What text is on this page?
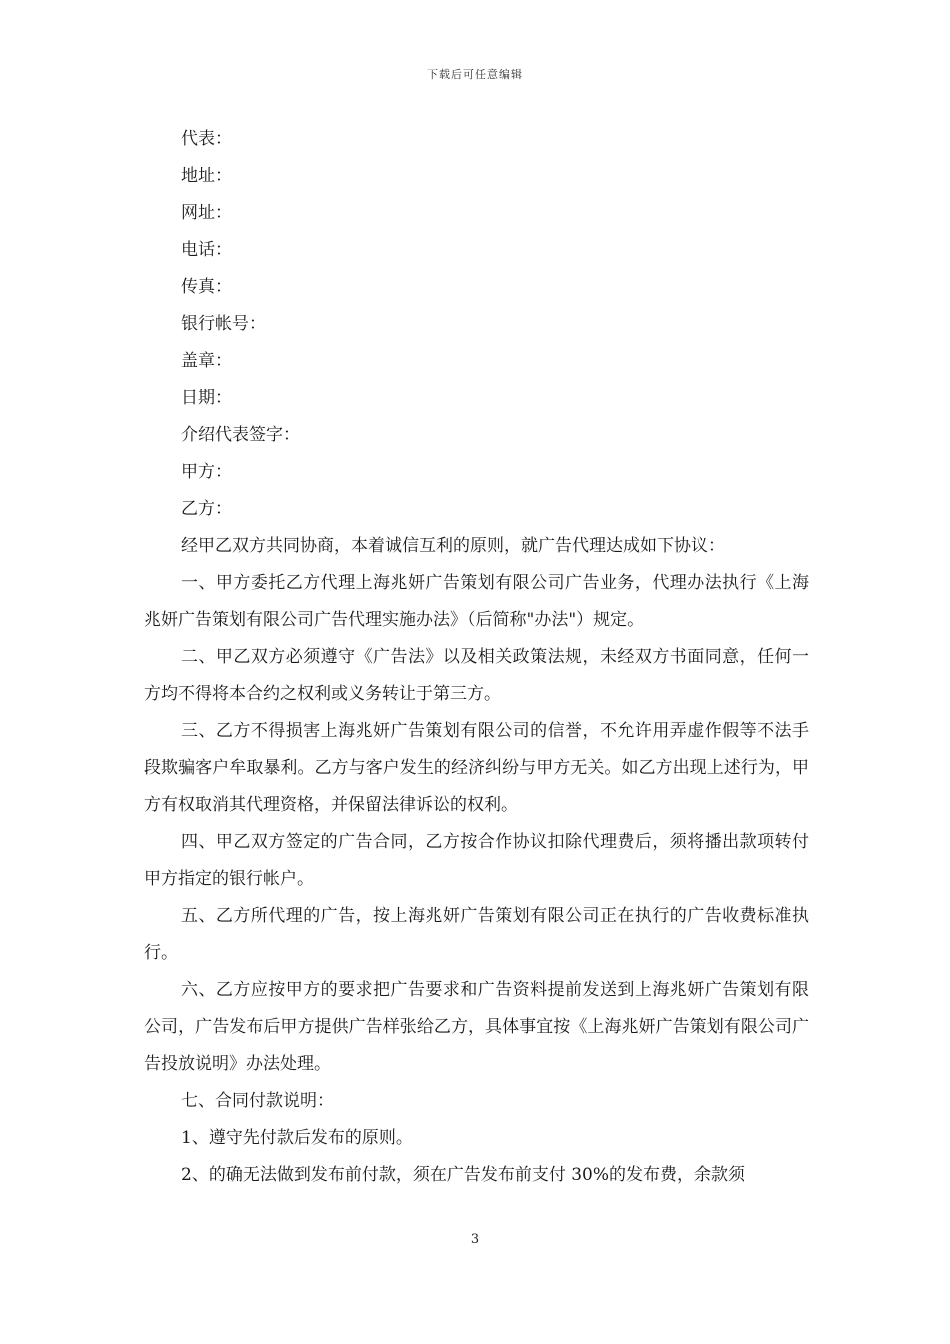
下载后可任意编辑
代表：
地址：
网址：
电话：
传真：
银行帐号：
盖章：
日期：
介绍代表签字：
甲方：
乙方：

经甲乙双方共同协商，本着诚信互利的原则，就广告代理达成如下协议：

一、甲方委托乙方代理上海兆妍广告策划有限公司广告业务，代理办法执行《上海兆妍广告策划有限公司广告代理实施办法》（后简称"办法"）规定。

二、甲乙双方必须遵守《广告法》以及相关政策法规，未经双方书面同意，任何一方均不得将本合约之权利或义务转让于第三方。

三、乙方不得损害上海兆妍广告策划有限公司的信誉，不允许用弄虚作假等不法手段欺骗客户牟取暴利。乙方与客户发生的经济纠纷与甲方无关。如乙方出现上述行为，甲方有权取消其代理资格，并保留法律诉讼的权利。

四、甲乙双方签定的广告合同，乙方按合作协议扣除代理费后，须将播出款项转付甲方指定的银行帐户。

五、乙方所代理的广告，按上海兆妍广告策划有限公司正在执行的广告收费标准执行。

六、乙方应按甲方的要求把广告要求和广告资料提前发送到上海兆妍广告策划有限公司，广告发布后甲方提供广告样张给乙方，具体事宜按《上海兆妍广告策划有限公司广告投放说明》办法处理。

七、合同付款说明：
1、遵守先付款后发布的原则。
2、的确无法做到发布前付款，须在广告发布前支付 30%的发布费，余款须
3
